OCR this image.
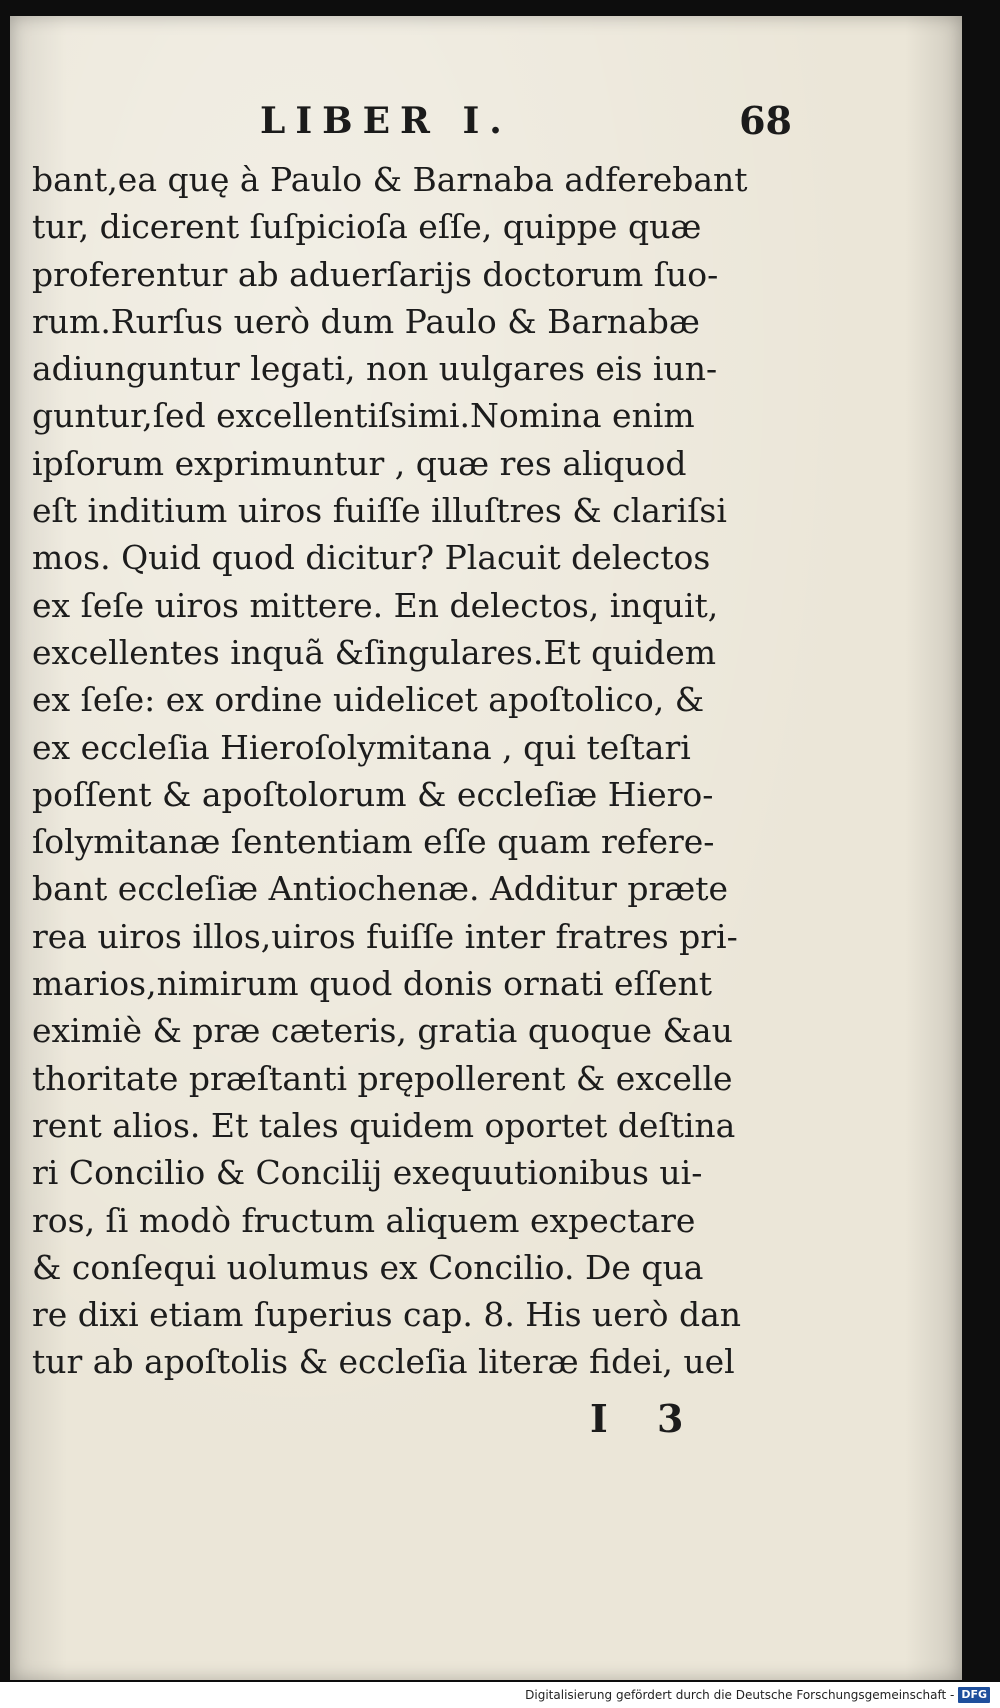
LIBER I.	68
bant,ea quę à Paulo & Barnaba adferebant
tur, dicerent ſuſpicioſa eſſe, quippe quæ
proferentur ab aduerſarijs doctorum ſuo-
rum.Rurſus uerò dum Paulo & Barnabæ
adiunguntur legati, non uulgares eis iun-
guntur,ſed excellentiſsimi.Nomina enim
ipſorum exprimuntur , quæ res aliquod
eſt inditium uiros fuiſſe illuſtres & clariſsi
mos. Quid quod dicitur? Placuit delectos
ex ſeſe uiros mittere. En delectos, inquit,
excellentes inquã &ſingulares.Et quidem
ex ſeſe: ex ordine uidelicet apoſtolico, &
ex eccleſia Hieroſolymitana , qui teſtari
poſſent & apoſtolorum & eccleſiæ Hiero-
ſolymitanæ ſententiam eſſe quam refere-
bant eccleſiæ Antiochenæ. Additur præte
rea uiros illos,uiros fuiſſe inter fratres pri-
marios,nimirum quod donis ornati eſſent
eximiè & præ cæteris, gratia quoque &au
thoritate præſtanti prępollerent & excelle
rent alios. Et tales quidem oportet deſtina
ri Concilio & Concilij exequutionibus ui-
ros, ſi modò fructum aliquem expectare
& conſequi uolumus ex Concilio. De qua
re dixi etiam ſuperius cap. 8. His uerò dan
tur ab apoſtolis & eccleſia literæ fidei, uel
I 3
Digitalisierung gefördert durch die Deutsche Forschungsgemeinschaft - DFG
